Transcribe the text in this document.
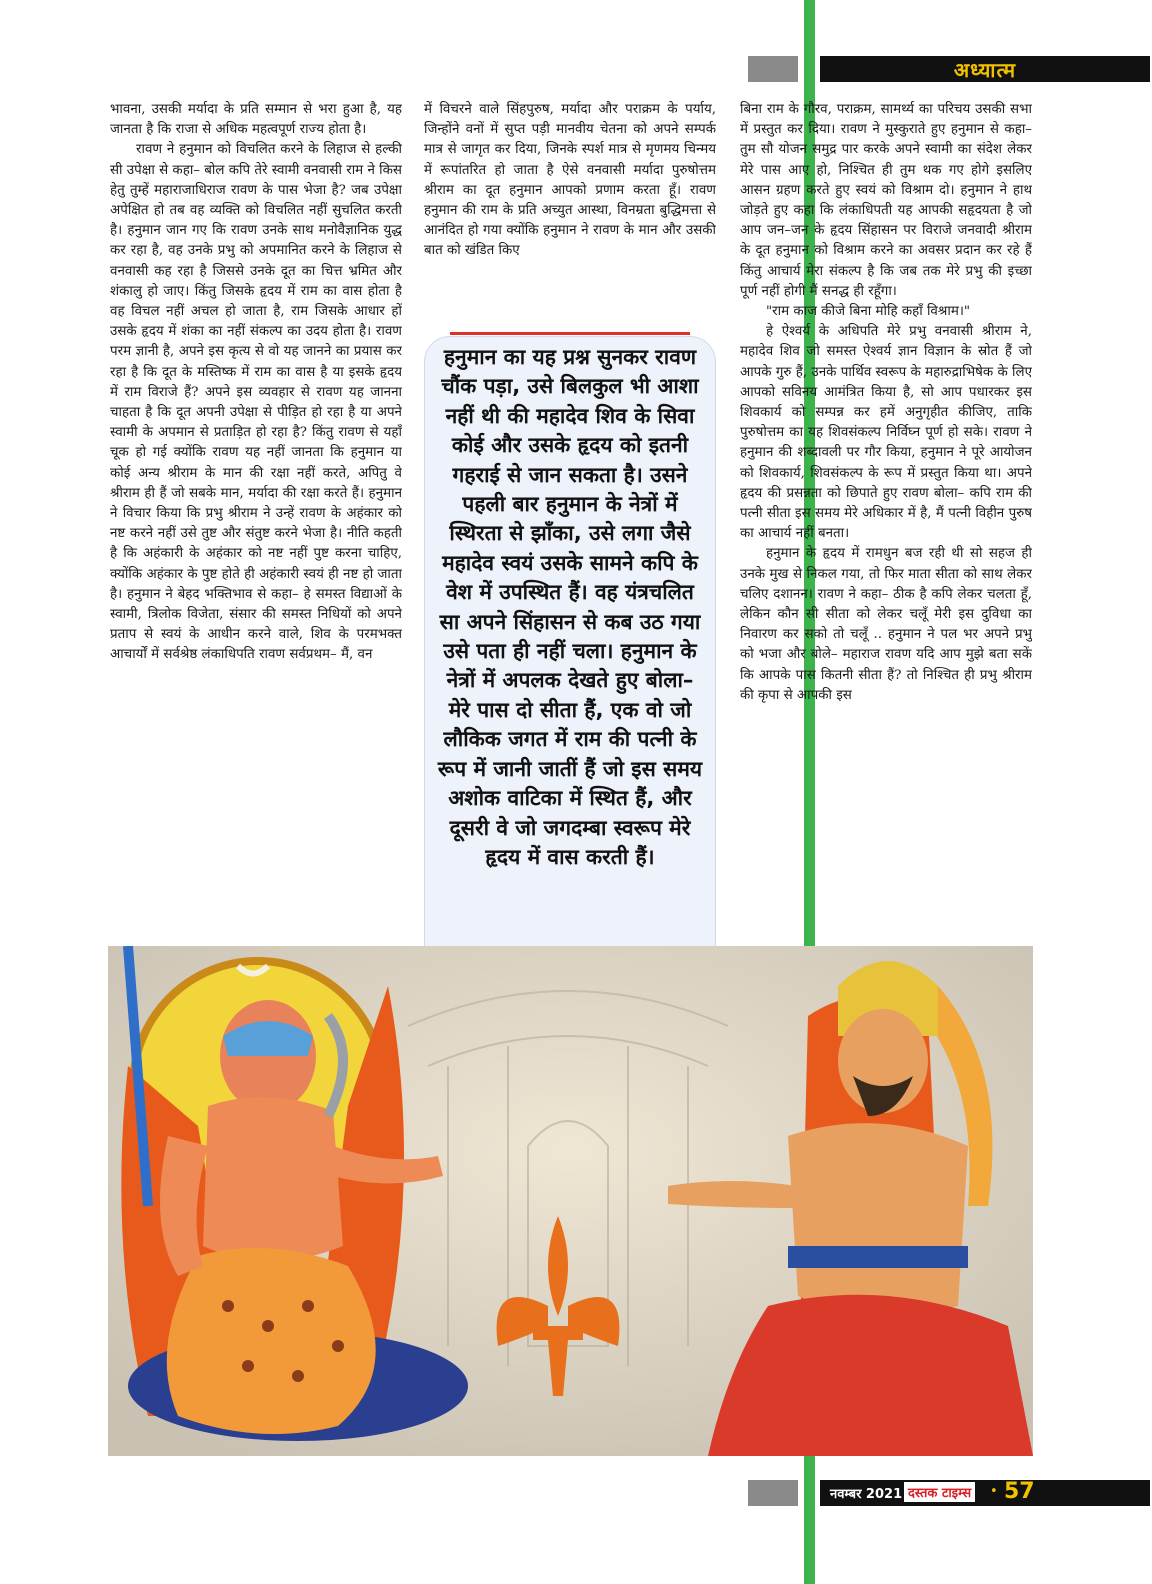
अध्यात्म

भावना, उसकी मर्यादा के प्रति सम्मान से भरा हुआ है, यह जानता है कि राजा से अधिक महत्वपूर्ण राज्य होता है।

रावण ने हनुमान को विचलित करने के लिहाज से हल्की सी उपेक्षा से कहा– बोल कपि तेरे स्वामी वनवासी राम ने किस हेतु तुम्हें महाराजाधिराज रावण के पास भेजा है? जब उपेक्षा अपेक्षित हो तब वह व्यक्ति को विचलित नहीं सुचलित करती है। हनुमान जान गए कि रावण उनके साथ मनोवैज्ञानिक युद्ध कर रहा है, वह उनके प्रभु को अपमानित करने के लिहाज से वनवासी कह रहा है जिससे उनके दूत का चित्त भ्रमित और शंकालु हो जाए। किंतु जिसके हृदय में राम का वास होता है वह विचल नहीं अचल हो जाता है, राम जिसके आधार हों उसके हृदय में शंका का नहीं संकल्प का उदय होता है। रावण परम ज्ञानी है, अपने इस कृत्य से वो यह जानने का प्रयास कर रहा है कि दूत के मस्तिष्क में राम का वास है या इसके हृदय में राम विराजे हैं? अपने इस व्यवहार से रावण यह जानना चाहता है कि दूत अपनी उपेक्षा से पीड़ित हो रहा है या अपने स्वामी के अपमान से प्रताड़ित हो रहा है? किंतु रावण से यहाँ चूक हो गई क्योंकि रावण यह नहीं जानता कि हनुमान या कोई अन्य श्रीराम के मान की रक्षा नहीं करते, अपितु वे श्रीराम ही हैं जो सबके मान, मर्यादा की रक्षा करते हैं। हनुमान ने विचार किया कि प्रभु श्रीराम ने उन्हें रावण के अहंकार को नष्ट करने नहीं उसे तुष्ट और संतुष्ट करने भेजा है। नीति कहती है कि अहंकारी के अहंकार को नष्ट नहीं पुष्ट करना चाहिए, क्योंकि अहंकार के पुष्ट होते ही अहंकारी स्वयं ही नष्ट हो जाता है। हनुमान ने बेहद भक्तिभाव से कहा– हे समस्त विद्याओं के स्वामी, त्रिलोक विजेता, संसार की समस्त निधियों को अपने प्रताप से स्वयं के आधीन करने वाले, शिव के परमभक्त आचार्यों में सर्वश्रेष्ठ लंकाधिपति रावण सर्वप्रथम– मैं, वन

में विचरने वाले सिंहपुरुष, मर्यादा और पराक्रम के पर्याय, जिन्होंने वनों में सुप्त पड़ी मानवीय चेतना को अपने सम्पर्क मात्र से जागृत कर दिया, जिनके स्पर्श मात्र से मृणमय चिन्मय में रूपांतरित हो जाता है ऐसे वनवासी मर्यादा पुरुषोत्तम श्रीराम का दूत हनुमान आपको प्रणाम करता हूँ। रावण हनुमान की राम के प्रति अच्युत आस्था, विनम्रता बुद्धिमत्ता से आनंदित हो गया क्योंकि हनुमान ने रावण के मान और उसकी बात को खंडित किए

हनुमान का यह प्रश्न सुनकर रावण चौंक पड़ा, उसे बिलकुल भी आशा नहीं थी की महादेव शिव के सिवा कोई और उसके हृदय को इतनी गहराई से जान सकता है। उसने पहली बार हनुमान के नेत्रों में स्थिरता से झाँका, उसे लगा जैसे महादेव स्वयं उसके सामने कपि के वेश में उपस्थित हैं। वह यंत्रचलित सा अपने सिंहासन से कब उठ गया उसे पता ही नहीं चला। हनुमान के नेत्रों में अपलक देखते हुए बोला– मेरे पास दो सीता हैं, एक वो जो लौकिक जगत में राम की पत्नी के रूप में जानी जातीं हैं जो इस समय अशोक वाटिका में स्थित हैं, और दूसरी वे जो जगदम्बा स्वरूप मेरे हृदय में वास करती हैं।

बिना राम के गौरव, पराक्रम, सामर्थ्य का परिचय उसकी सभा में प्रस्तुत कर दिया। रावण ने मुस्कुराते हुए हनुमान से कहा– तुम सौ योजन समुद्र पार करके अपने स्वामी का संदेश लेकर मेरे पास आए हो, निश्चित ही तुम थक गए होगे इसलिए आसन ग्रहण करते हुए स्वयं को विश्राम दो। हनुमान ने हाथ जोड़ते हुए कहा कि लंकाधिपती यह आपकी सहृदयता है जो आप जन–जन के हृदय सिंहासन पर विराजे जनवादी श्रीराम के दूत हनुमान को विश्राम करने का अवसर प्रदान कर रहे हैं किंतु आचार्य मेरा संकल्प है कि जब तक मेरे प्रभु की इच्छा पूर्ण नहीं होगी मैं सनद्ध ही रहूँगा।

"राम काज कीजे बिना मोहि कहाँ विश्राम।"

हे ऐश्वर्य के अधिपति मेरे प्रभु वनवासी श्रीराम ने, महादेव शिव जो समस्त ऐश्वर्य ज्ञान विज्ञान के स्रोत हैं जो आपके गुरु हैं, उनके पार्थिव स्वरूप के महारुद्राभिषेक के लिए आपको सविनय आमंत्रित किया है, सो आप पधारकर इस शिवकार्य को सम्पन्न कर हमें अनुगृहीत कीजिए, ताकि पुरुषोत्तम का यह शिवसंकल्प निर्विघ्न पूर्ण हो सके। रावण ने हनुमान की शब्दावली पर गौर किया, हनुमान ने पूरे आयोजन को शिवकार्य, शिवसंकल्प के रूप में प्रस्तुत किया था। अपने हृदय की प्रसन्नता को छिपाते हुए रावण बोला– कपि राम की पत्नी सीता इस समय मेरे अधिकार में है, मैं पत्नी विहीन पुरुष का आचार्य नहीं बनता।

हनुमान के हृदय में रामधुन बज रही थी सो सहज ही उनके मुख से निकल गया, तो फिर माता सीता को साथ लेकर चलिए दशानन। रावण ने कहा– ठीक है कपि लेकर चलता हूँ, लेकिन कौन सी सीता को लेकर चलूँ मेरी इस दुविधा का निवारण कर सको तो चलूँ .. हनुमान ने पल भर अपने प्रभु को भजा और बोले– महाराज रावण यदि आप मुझे बता सकें कि आपके पास कितनी सीता हैं? तो निश्चित ही प्रभु श्रीराम की कृपा से आपकी इस

नवम्बर 2021 दस्तक टाइम्स	• 57
